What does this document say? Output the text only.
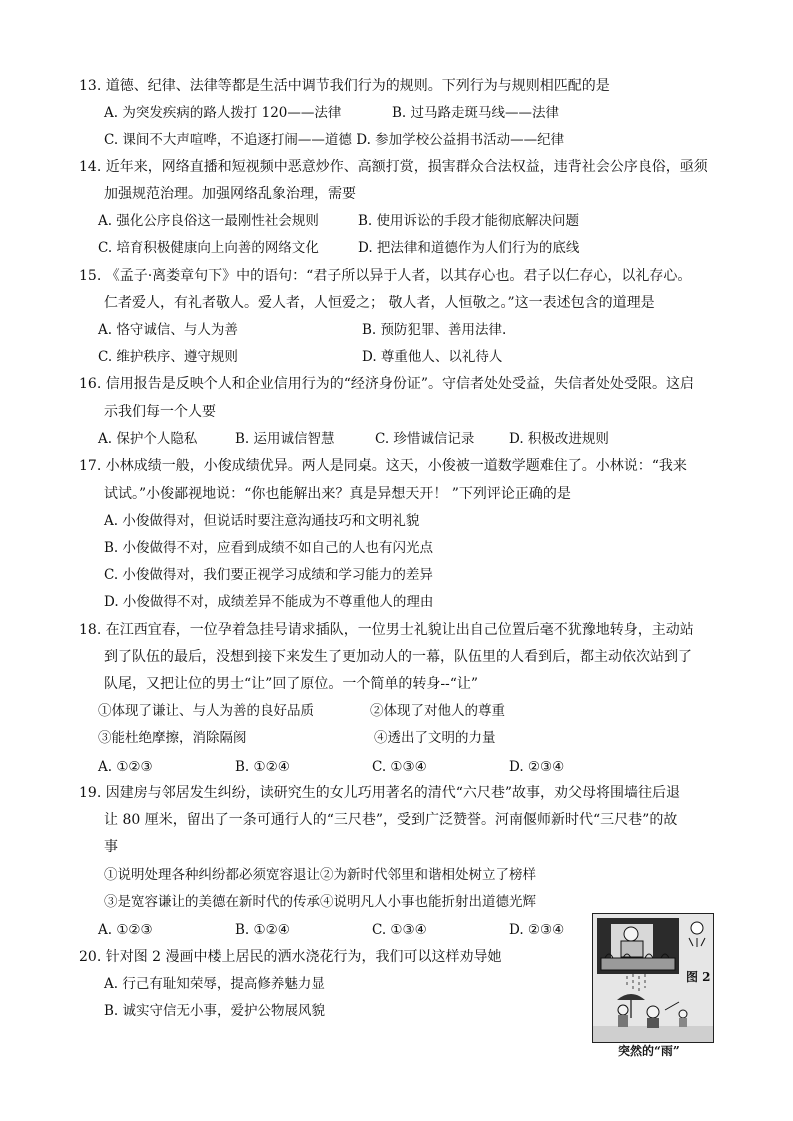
13. 道德、纪律、法律等都是生活中调节我们行为的规则。下列行为与规则相匹配的是
A. 为突发疾病的路人拨打 120——法律	B. 过马路走斑马线——法律
C. 课间不大声喧哗，不追逐打闹——道德 D. 参加学校公益捐书活动——纪律
14. 近年来，网络直播和短视频中恶意炒作、高额打赏，损害群众合法权益，违背社会公序良俗，亟须
加强规范治理。加强网络乱象治理，需要
A. 强化公序良俗这一最刚性社会规则	B. 使用诉讼的手段才能彻底解决问题
C. 培育积极健康向上向善的网络文化	D. 把法律和道德作为人们行为的底线
15. 《孟子·离娄章句下》中的语句：“君子所以异于人者，以其存心也。君子以仁存心，以礼存心。
仁者爱人，有礼者敬人。爱人者，人恒爱之； 敬人者，人恒敬之。”这一表述包含的道理是
A. 恪守诚信、与人为善	B. 预防犯罪、善用法律.
C. 维护秩序、遵守规则	D. 尊重他人、以礼待人
16. 信用报告是反映个人和企业信用行为的“经济身份证”。守信者处处受益，失信者处处受限。这启
示我们每一个人要
A. 保护个人隐私	B. 运用诚信智慧	C. 珍惜诚信记录	D. 积极改进规则
17. 小林成绩一般，小俊成绩优异。两人是同桌。这天，小俊被一道数学题难住了。小林说：“我来
试试。”小俊鄙视地说：“你也能解出来？真是异想天开！ ”下列评论正确的是
A. 小俊做得对，但说话时要注意沟通技巧和文明礼貌
B. 小俊做得不对，应看到成绩不如自己的人也有闪光点
C. 小俊做得对，我们要正视学习成绩和学习能力的差异
D. 小俊做得不对，成绩差异不能成为不尊重他人的理由
18. 在江西宜春，一位孕着急挂号请求插队，一位男士礼貌让出自己位置后毫不犹豫地转身，主动站
到了队伍的最后，没想到接下来发生了更加动人的一幕，队伍里的人看到后，都主动依次站到了
队尾，又把让位的男士“让”回了原位。一个简单的转身--“让”
①体现了谦让、与人为善的良好品质	②体现了对他人的尊重
③能杜绝摩擦，消除隔阂	④透出了文明的力量
A. ①②③	B. ①②④	C. ①③④	D. ②③④
19. 因建房与邻居发生纠纷，读研究生的女儿巧用著名的清代“六尺巷”故事，劝父母将围墙往后退
让 80 厘米，留出了一条可通行人的“三尺巷”，受到广泛赞誉。河南偃师新时代“三尺巷”的故
事
①说明处理各种纠纷都必须宽容退让②为新时代邻里和谐相处树立了榜样
③是宽容谦让的美德在新时代的传承④说明凡人小事也能折射出道德光辉
A. ①②③	B. ①②④	C. ①③④	D. ②③④
20. 针对图 2 漫画中楼上居民的洒水浇花行为，我们可以这样劝导她
A. 行己有耻知荣辱，提高修养魅力显
B. 诚实守信无小事，爱护公物展风貌
图 2
突然的“雨”
